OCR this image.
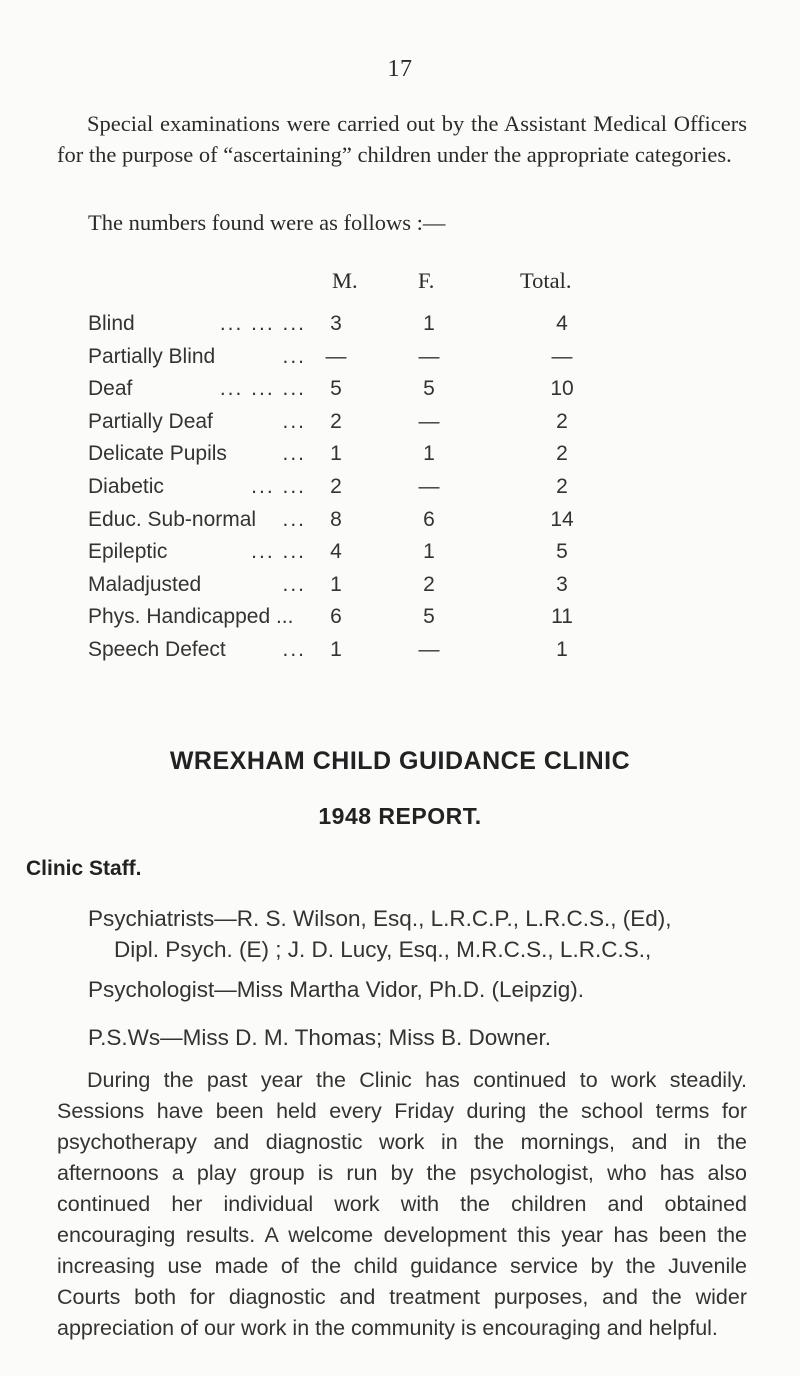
17
Special examinations were carried out by the Assistant Medical Officers for the purpose of “ascertaining” children under the appropriate categories.
The numbers found were as follows :—
M.	F.	Total.
Blind	... ... ...	3	1	4
Partially Blind	... —	—	—
Deaf	... ... ...	5	5	10
Partially Deaf	...	2	—	2
Delicate Pupils	...	1	1	2
Diabetic	... ...	2	—	2
Educ. Sub-normal ...	8	6	14
Epileptic	... ...	4	1	5
Maladjusted	...	1	2	3
Phys. Handicapped ...	6	5	11
Speech Defect	...	1	—	1
WREXHAM CHILD GUIDANCE CLINIC
1948 REPORT.
Clinic Staff.
Psychiatrists—R. S. Wilson, Esq., L.R.C.P., L.R.C.S., (Ed),
Dipl. Psych. (E) ; J. D. Lucy, Esq., M.R.C.S., L.R.C.S.,
Psychologist—Miss Martha Vidor, Ph.D. (Leipzig).
P.S.Ws—Miss D. M. Thomas; Miss B. Downer.
During the past year the Clinic has continued to work steadily. Sessions have been held every Friday during the school terms for psychotherapy and diagnostic work in the mornings, and in the afternoons a play group is run by the psychologist, who has also continued her individual work with the children and obtained encouraging results. A welcome development this year has been the increasing use made of the child guidance service by the Juvenile Courts both for diagnostic and treatment purposes, and the wider appreciation of our work in the community is encouraging and helpful.
